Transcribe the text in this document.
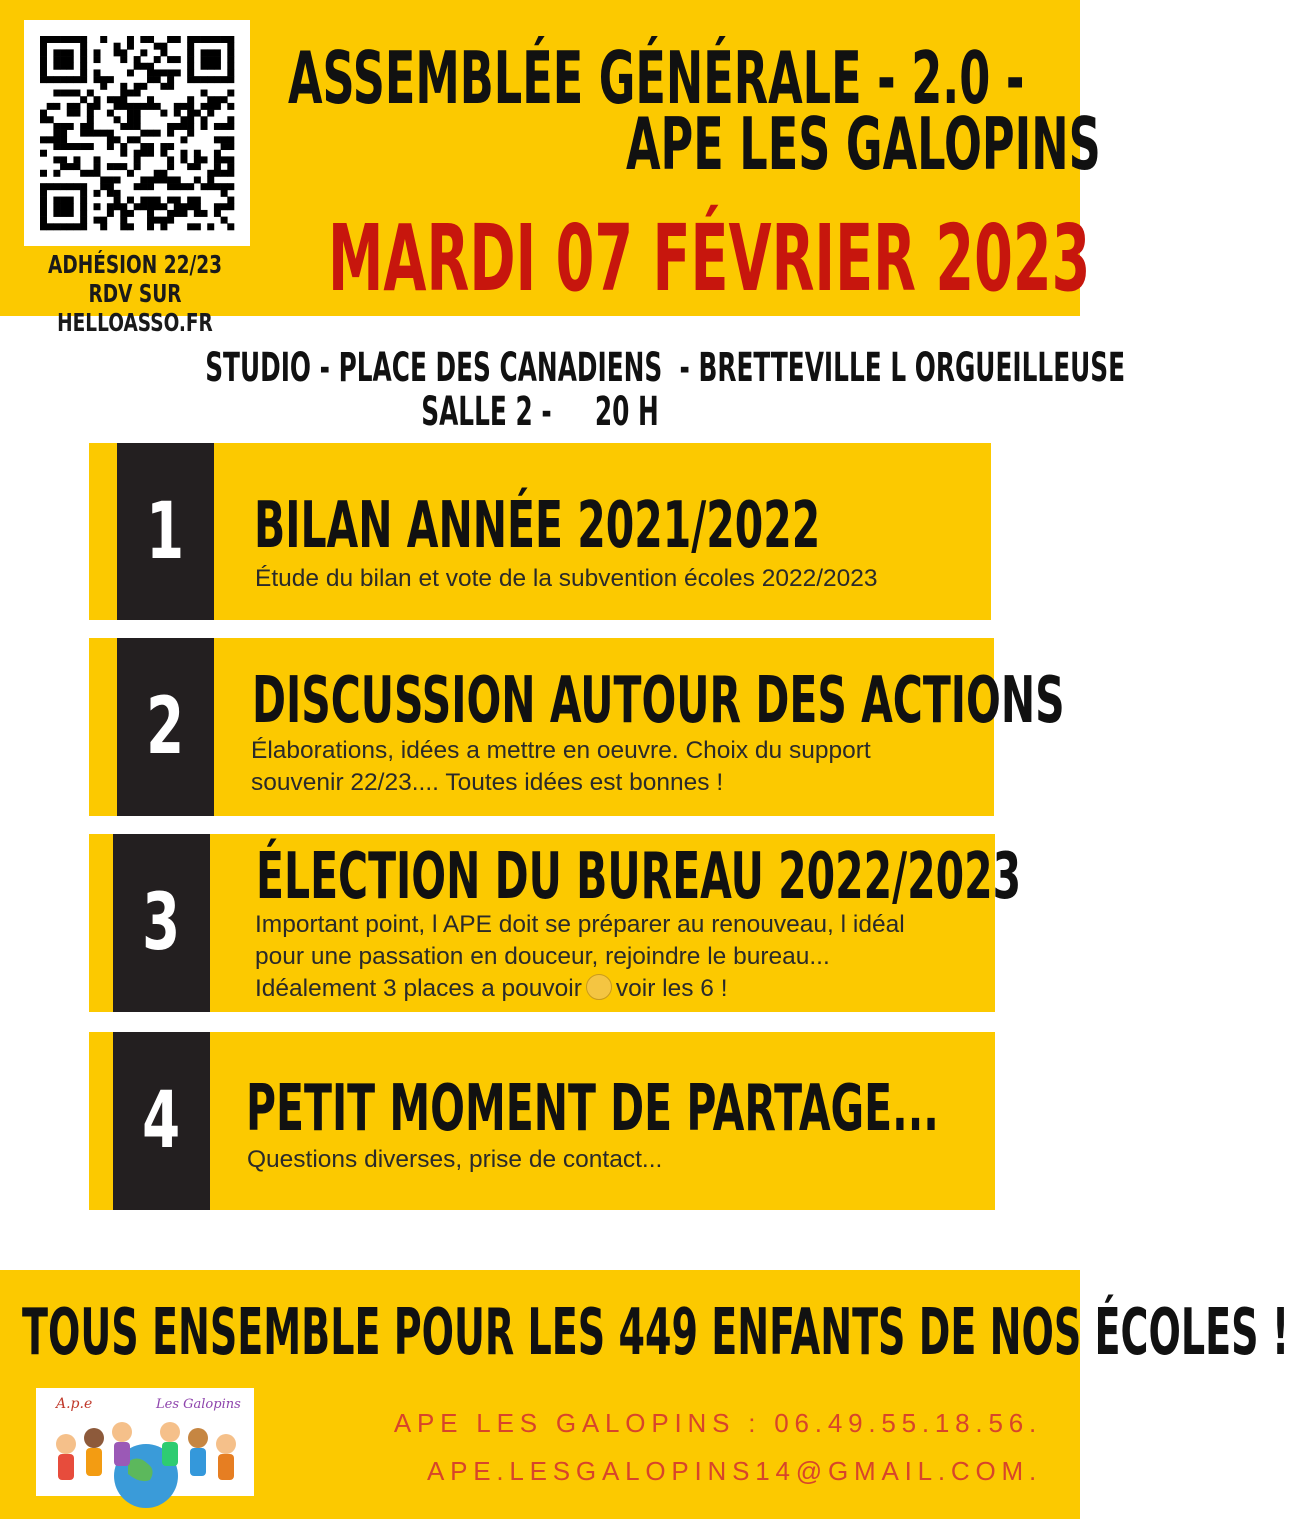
ADHÉSION 22/23
RDV SUR HELLOASSO.FR
ASSEMBLÉE GÉNÉRALE - 2.0 -
APE LES GALOPINS
MARDI 07 FÉVRIER 2023
STUDIO - PLACE DES CANADIENS  - BRETTEVILLE L ORGUEILLEUSE
SALLE 2 -     20 H
1 BILAN ANNÉE 2021/2022
Étude du bilan et vote de la subvention écoles 2022/2023
2 DISCUSSION AUTOUR DES ACTIONS
Élaborations, idées a mettre en oeuvre. Choix du support souvenir 22/23.... Toutes idées est bonnes !
3
ÉLECTION DU BUREAU 2022/2023
Important point, l APE doit se préparer au renouveau, l idéal pour une passation en douceur, rejoindre le bureau... Idéalement 3 places a pouvoir voir les 6 !
4 PETIT MOMENT DE PARTAGE...
Questions diverses, prise de contact...
TOUS ENSEMBLE POUR LES 449 ENFANTS DE NOS ÉCOLES !
A.p.e	Les Galopins
APE LES GALOPINS : 06.49.55.18.56.
APE.LESGALOPINS14@GMAIL.COM.
